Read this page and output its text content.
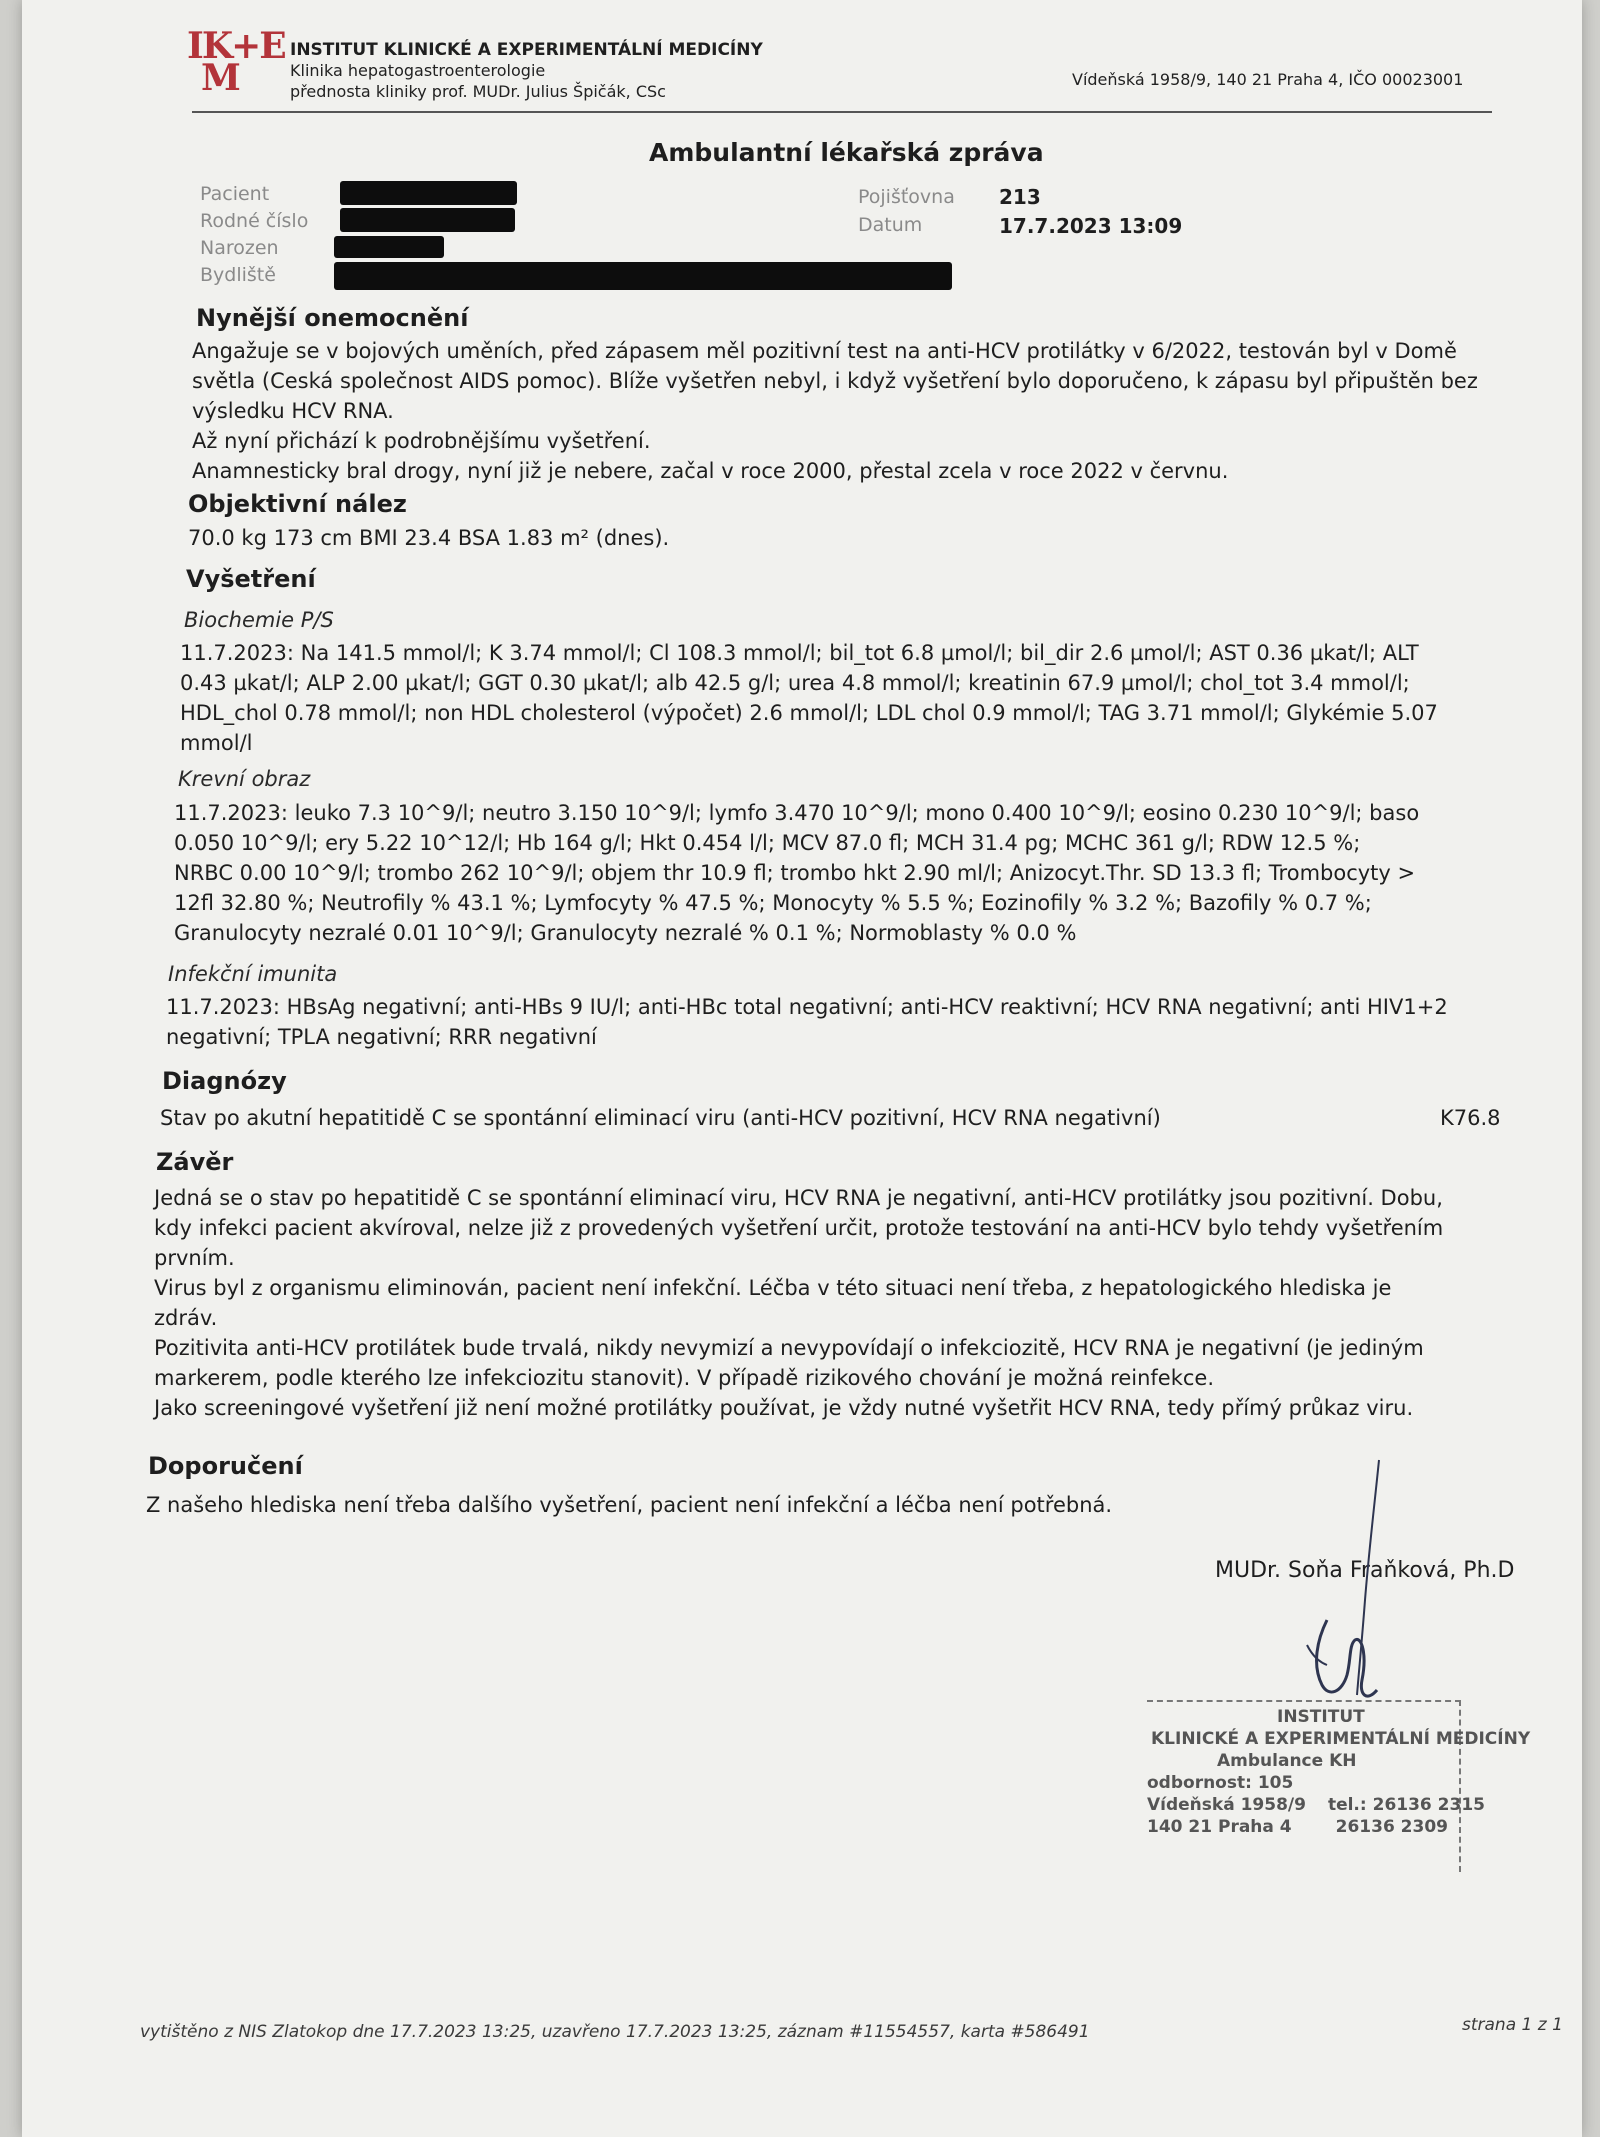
IK+E
M
INSTITUT KLINICKÉ A EXPERIMENTÁLNÍ MEDICÍNY
Klinika hepatogastroenterologie
přednosta kliniky prof. MUDr. Julius Špičák, CSc
Vídeňská 1958/9, 140 21 Praha 4, IČO 00023001
Ambulantní lékařská zpráva
Pacient
Rodné číslo
Narozen
Bydliště
Pojišťovna 213
Datum	17.7.2023 13:09
Nynější onemocnění
Angažuje se v bojových uměních, před zápasem měl pozitivní test na anti-HCV protilátky v 6/2022, testován byl v Domě
světla (Ceská společnost AIDS pomoc). Blíže vyšetřen nebyl, i když vyšetření bylo doporučeno, k zápasu byl připuštěn bez
výsledku HCV RNA.
Až nyní přichází k podrobnějšímu vyšetření.
Anamnesticky bral drogy, nyní již je nebere, začal v roce 2000, přestal zcela v roce 2022 v červnu.
Objektivní nález
70.0 kg 173 cm BMI 23.4 BSA 1.83 m² (dnes).
Vyšetření
Biochemie P/S
11.7.2023: Na 141.5 mmol/l; K 3.74 mmol/l; Cl 108.3 mmol/l; bil_tot 6.8 µmol/l; bil_dir 2.6 µmol/l; AST 0.36 µkat/l; ALT
0.43 µkat/l; ALP 2.00 µkat/l; GGT 0.30 µkat/l; alb 42.5 g/l; urea 4.8 mmol/l; kreatinin 67.9 µmol/l; chol_tot 3.4 mmol/l;
HDL_chol 0.78 mmol/l; non HDL cholesterol (výpočet) 2.6 mmol/l; LDL chol 0.9 mmol/l; TAG 3.71 mmol/l; Glykémie 5.07
mmol/l
Krevní obraz
11.7.2023: leuko 7.3 10^9/l; neutro 3.150 10^9/l; lymfo 3.470 10^9/l; mono 0.400 10^9/l; eosino 0.230 10^9/l; baso
0.050 10^9/l; ery 5.22 10^12/l; Hb 164 g/l; Hkt 0.454 l/l; MCV 87.0 fl; MCH 31.4 pg; MCHC 361 g/l; RDW 12.5 %;
NRBC 0.00 10^9/l; trombo 262 10^9/l; objem thr 10.9 fl; trombo hkt 2.90 ml/l; Anizocyt.Thr. SD 13.3 fl; Trombocyty >
12fl 32.80 %; Neutrofily % 43.1 %; Lymfocyty % 47.5 %; Monocyty % 5.5 %; Eozinofily % 3.2 %; Bazofily % 0.7 %;
Granulocyty nezralé 0.01 10^9/l; Granulocyty nezralé % 0.1 %; Normoblasty % 0.0 %
Infekční imunita
11.7.2023: HBsAg negativní; anti-HBs 9 IU/l; anti-HBc total negativní; anti-HCV reaktivní; HCV RNA negativní; anti HIV1+2
negativní; TPLA negativní; RRR negativní
Diagnózy
Stav po akutní hepatitidě C se spontánní eliminací viru (anti-HCV pozitivní, HCV RNA negativní)	K76.8
Závěr
Jedná se o stav po hepatitidě C se spontánní eliminací viru, HCV RNA je negativní, anti-HCV protilátky jsou pozitivní. Dobu,
kdy infekci pacient akvíroval, nelze již z provedených vyšetření určit, protože testování na anti-HCV bylo tehdy vyšetřením
prvním.
Virus byl z organismu eliminován, pacient není infekční. Léčba v této situaci není třeba, z hepatologického hlediska je
zdráv.
Pozitivita anti-HCV protilátek bude trvalá, nikdy nevymizí a nevypovídají o infekciozitě, HCV RNA je negativní (je jediným
markerem, podle kterého lze infekciozitu stanovit). V případě rizikového chování je možná reinfekce.
Jako screeningové vyšetření již není možné protilátky používat, je vždy nutné vyšetřit HCV RNA, tedy přímý průkaz viru.
Doporučení
Z našeho hlediska není třeba dalšího vyšetření, pacient není infekční a léčba není potřebná.
MUDr. Soňa Fraňková, Ph.D
INSTITUT
KLINICKÉ A EXPERIMENTÁLNÍ MEDICÍNY
Ambulance KH
odbornost: 105
Vídeňská 1958/9 tel.: 26136 2315
140 21 Praha 4	26136 2309
vytištěno z NIS Zlatokop dne 17.7.2023 13:25, uzavřeno 17.7.2023 13:25, záznam #11554557, karta #586491	strana 1 z 1
